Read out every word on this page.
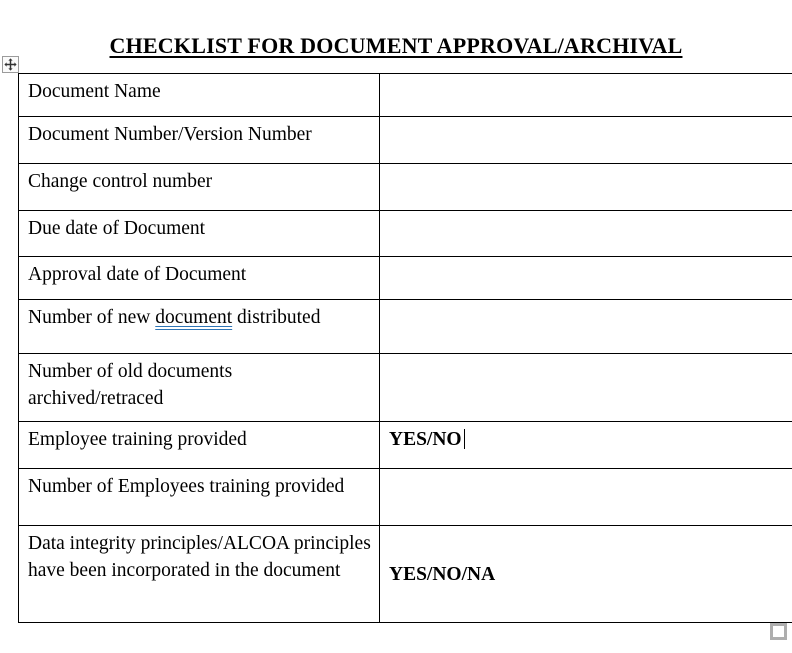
CHECKLIST FOR DOCUMENT APPROVAL/ARCHIVAL
Document Name	
Document Number/Version Number	
Change control number	
Due date of Document	
Approval date of Document	
Number of new document distributed	
Number of old documents archived/retraced	
Employee training provided	YES/NO
Number of Employees training provided	
Data integrity principles/ALCOA principles have been incorporated in the document	YES/NO/NA
